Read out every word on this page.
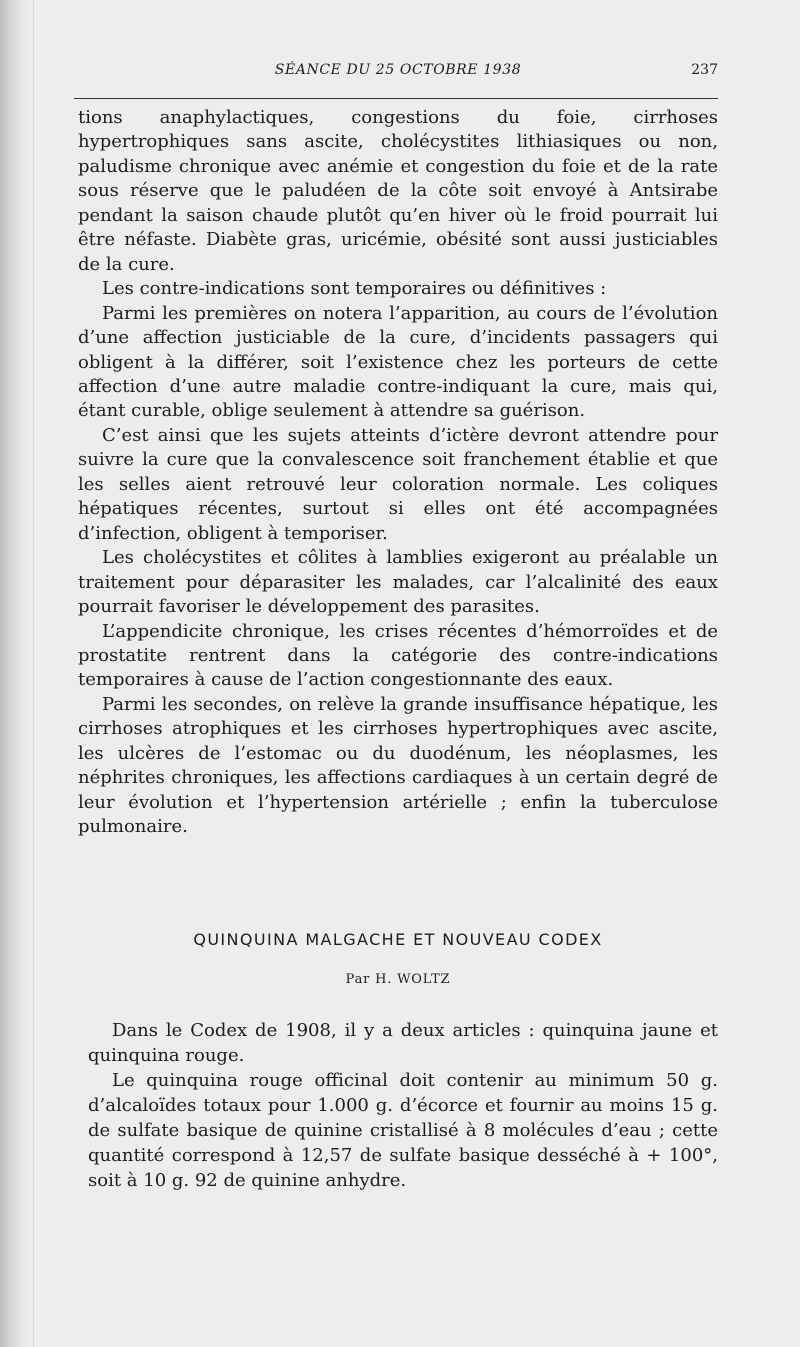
SÉANCE DU 25 OCTOBRE 1938	237

tions anaphylactiques, congestions du foie, cirrhoses hypertrophiques sans ascite, cholécystites lithiasiques ou non, paludisme chronique avec anémie et congestion du foie et de la rate sous réserve que le paludéen de la côte soit envoyé à Antsirabe pendant la saison chaude plutôt qu’en hiver où le froid pourrait lui être néfaste. Diabète gras, uricémie, obésité sont aussi justiciables de la cure.

Les contre-indications sont temporaires ou définitives :

Parmi les premières on notera l’apparition, au cours de l’évolution d’une affection justiciable de la cure, d’incidents passagers qui obligent à la différer, soit l’existence chez les porteurs de cette affection d’une autre maladie contre-indiquant la cure, mais qui, étant curable, oblige seulement à attendre sa guérison.

C’est ainsi que les sujets atteints d’ictère devront attendre pour suivre la cure que la convalescence soit franchement établie et que les selles aient retrouvé leur coloration normale. Les coliques hépatiques récentes, surtout si elles ont été accompagnées d’infection, obligent à temporiser.

Les cholécystites et côlites à lamblies exigeront au préalable un traitement pour déparasiter les malades, car l’alcalinité des eaux pourrait favoriser le développement des parasites.

L’appendicite chronique, les crises récentes d’hémorroïdes et de prostatite rentrent dans la catégorie des contre-indications temporaires à cause de l’action congestionnante des eaux.

Parmi les secondes, on relève la grande insuffisance hépatique, les cirrhoses atrophiques et les cirrhoses hypertrophiques avec ascite, les ulcères de l’estomac ou du duodénum, les néoplasmes, les néphrites chroniques, les affections cardiaques à un certain degré de leur évolution et l’hypertension artérielle ; enfin la tuberculose pulmonaire.

QUINQUINA MALGACHE ET NOUVEAU CODEX
Par H. WOLTZ

Dans le Codex de 1908, il y a deux articles : quinquina jaune et quinquina rouge.

Le quinquina rouge officinal doit contenir au minimum 50 g. d’alcaloïdes totaux pour 1.000 g. d’écorce et fournir au moins 15 g. de sulfate basique de quinine cristallisé à 8 molécules d’eau ; cette quantité correspond à 12,57 de sulfate basique desséché à + 100°, soit à 10 g. 92 de quinine anhydre.
